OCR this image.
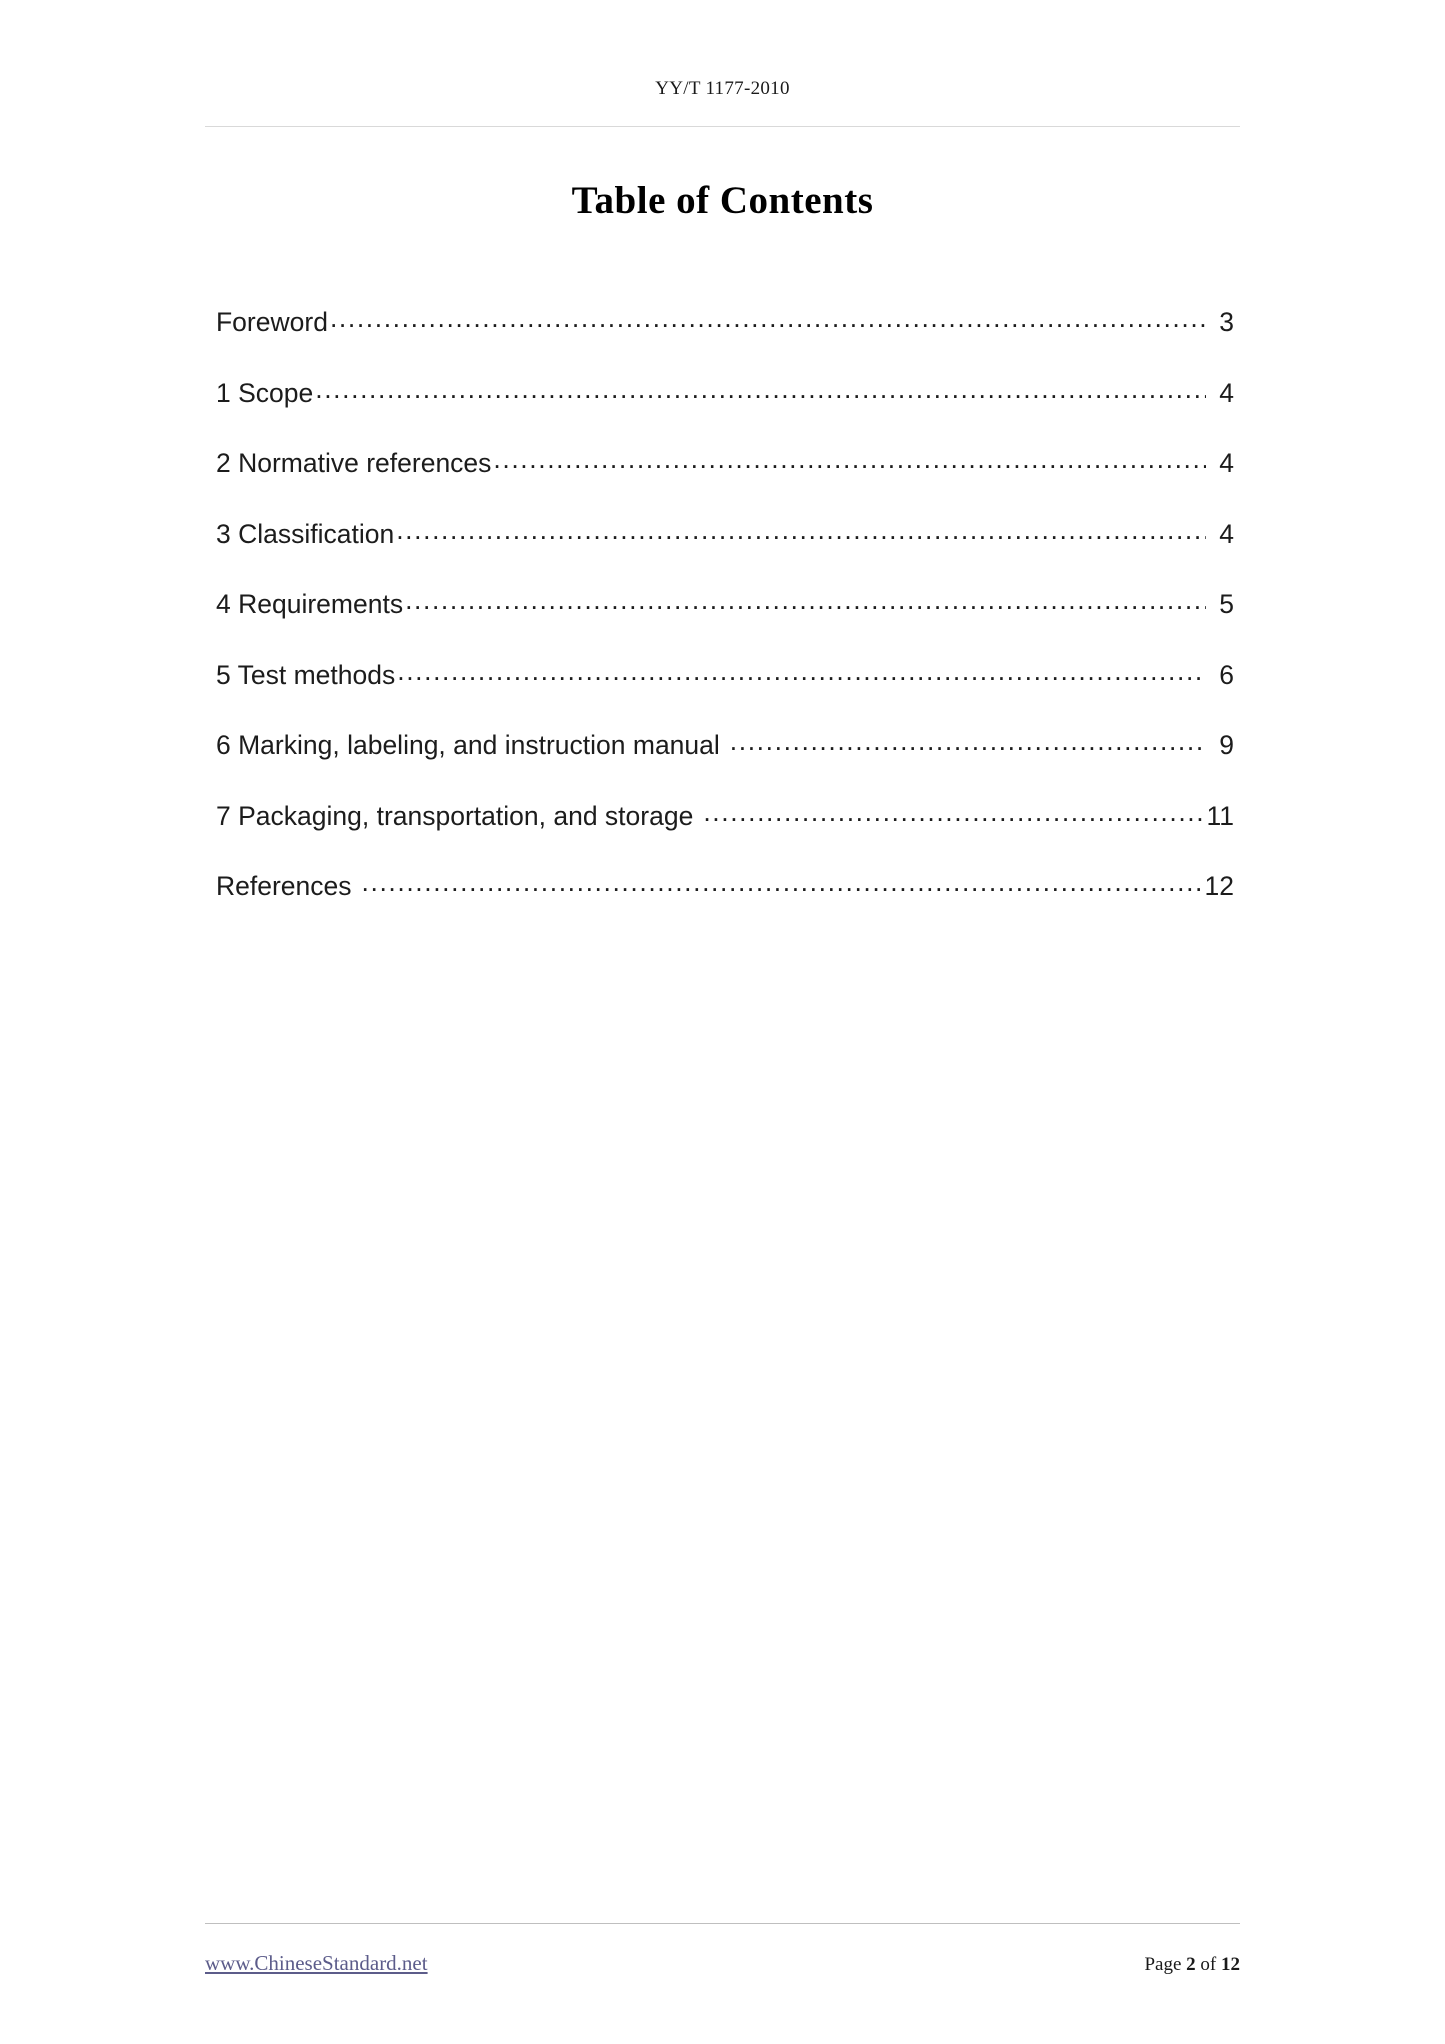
YY/T 1177-2010
Table of Contents
Foreword .....	3
1 Scope .....	4
2 Normative references .....	4
3 Classification .....	4
4 Requirements .....	5
5 Test methods .....	6
6 Marking, labeling, and instruction manual .....	9
7 Packaging, transportation, and storage .....	11
References .....	12
www.ChineseStandard.net	Page 2 of 12
